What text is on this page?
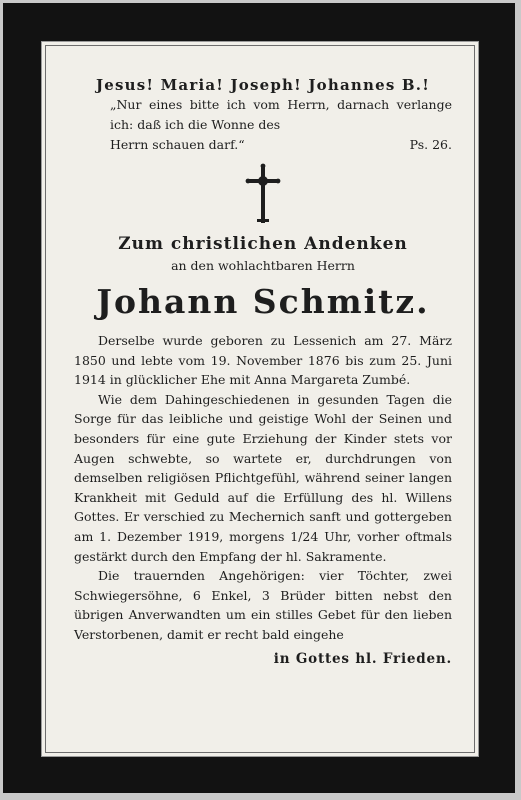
Jesus! Maria! Joseph! Johannes B.!

„Nur eines bitte ich vom Herrn, darnach verlange ich: daß ich die Wonne des

Herrn schauen darf.“	Ps. 26.

Zum christlichen Andenken

an den wohlachtbaren Herrn

Johann Schmitz.

Derselbe wurde geboren zu Lessenich am 27. März 1850 und lebte vom 19. November 1876 bis zum 25. Juni 1914 in glücklicher Ehe mit Anna Margareta Zumbé.

Wie dem Dahingeschiedenen in gesunden Tagen die Sorge für das leibliche und geistige Wohl der Seinen und besonders für eine gute Erziehung der Kinder stets vor Augen schwebte, so wartete er, durchdrungen von demselben religiösen Pflichtgefühl, während seiner langen Krankheit mit Geduld auf die Erfüllung des hl. Willens Gottes. Er verschied zu Mechernich sanft und gottergeben am 1. Dezember 1919, morgens 1/24 Uhr, vorher oftmals gestärkt durch den Empfang der hl. Sakramente.

Die trauernden Angehörigen: vier Töchter, zwei Schwiegersöhne, 6 Enkel, 3 Brüder bitten nebst den übrigen Anverwandten um ein stilles Gebet für den lieben Verstorbenen, damit er recht bald eingehe

in Gottes hl. Frieden.
